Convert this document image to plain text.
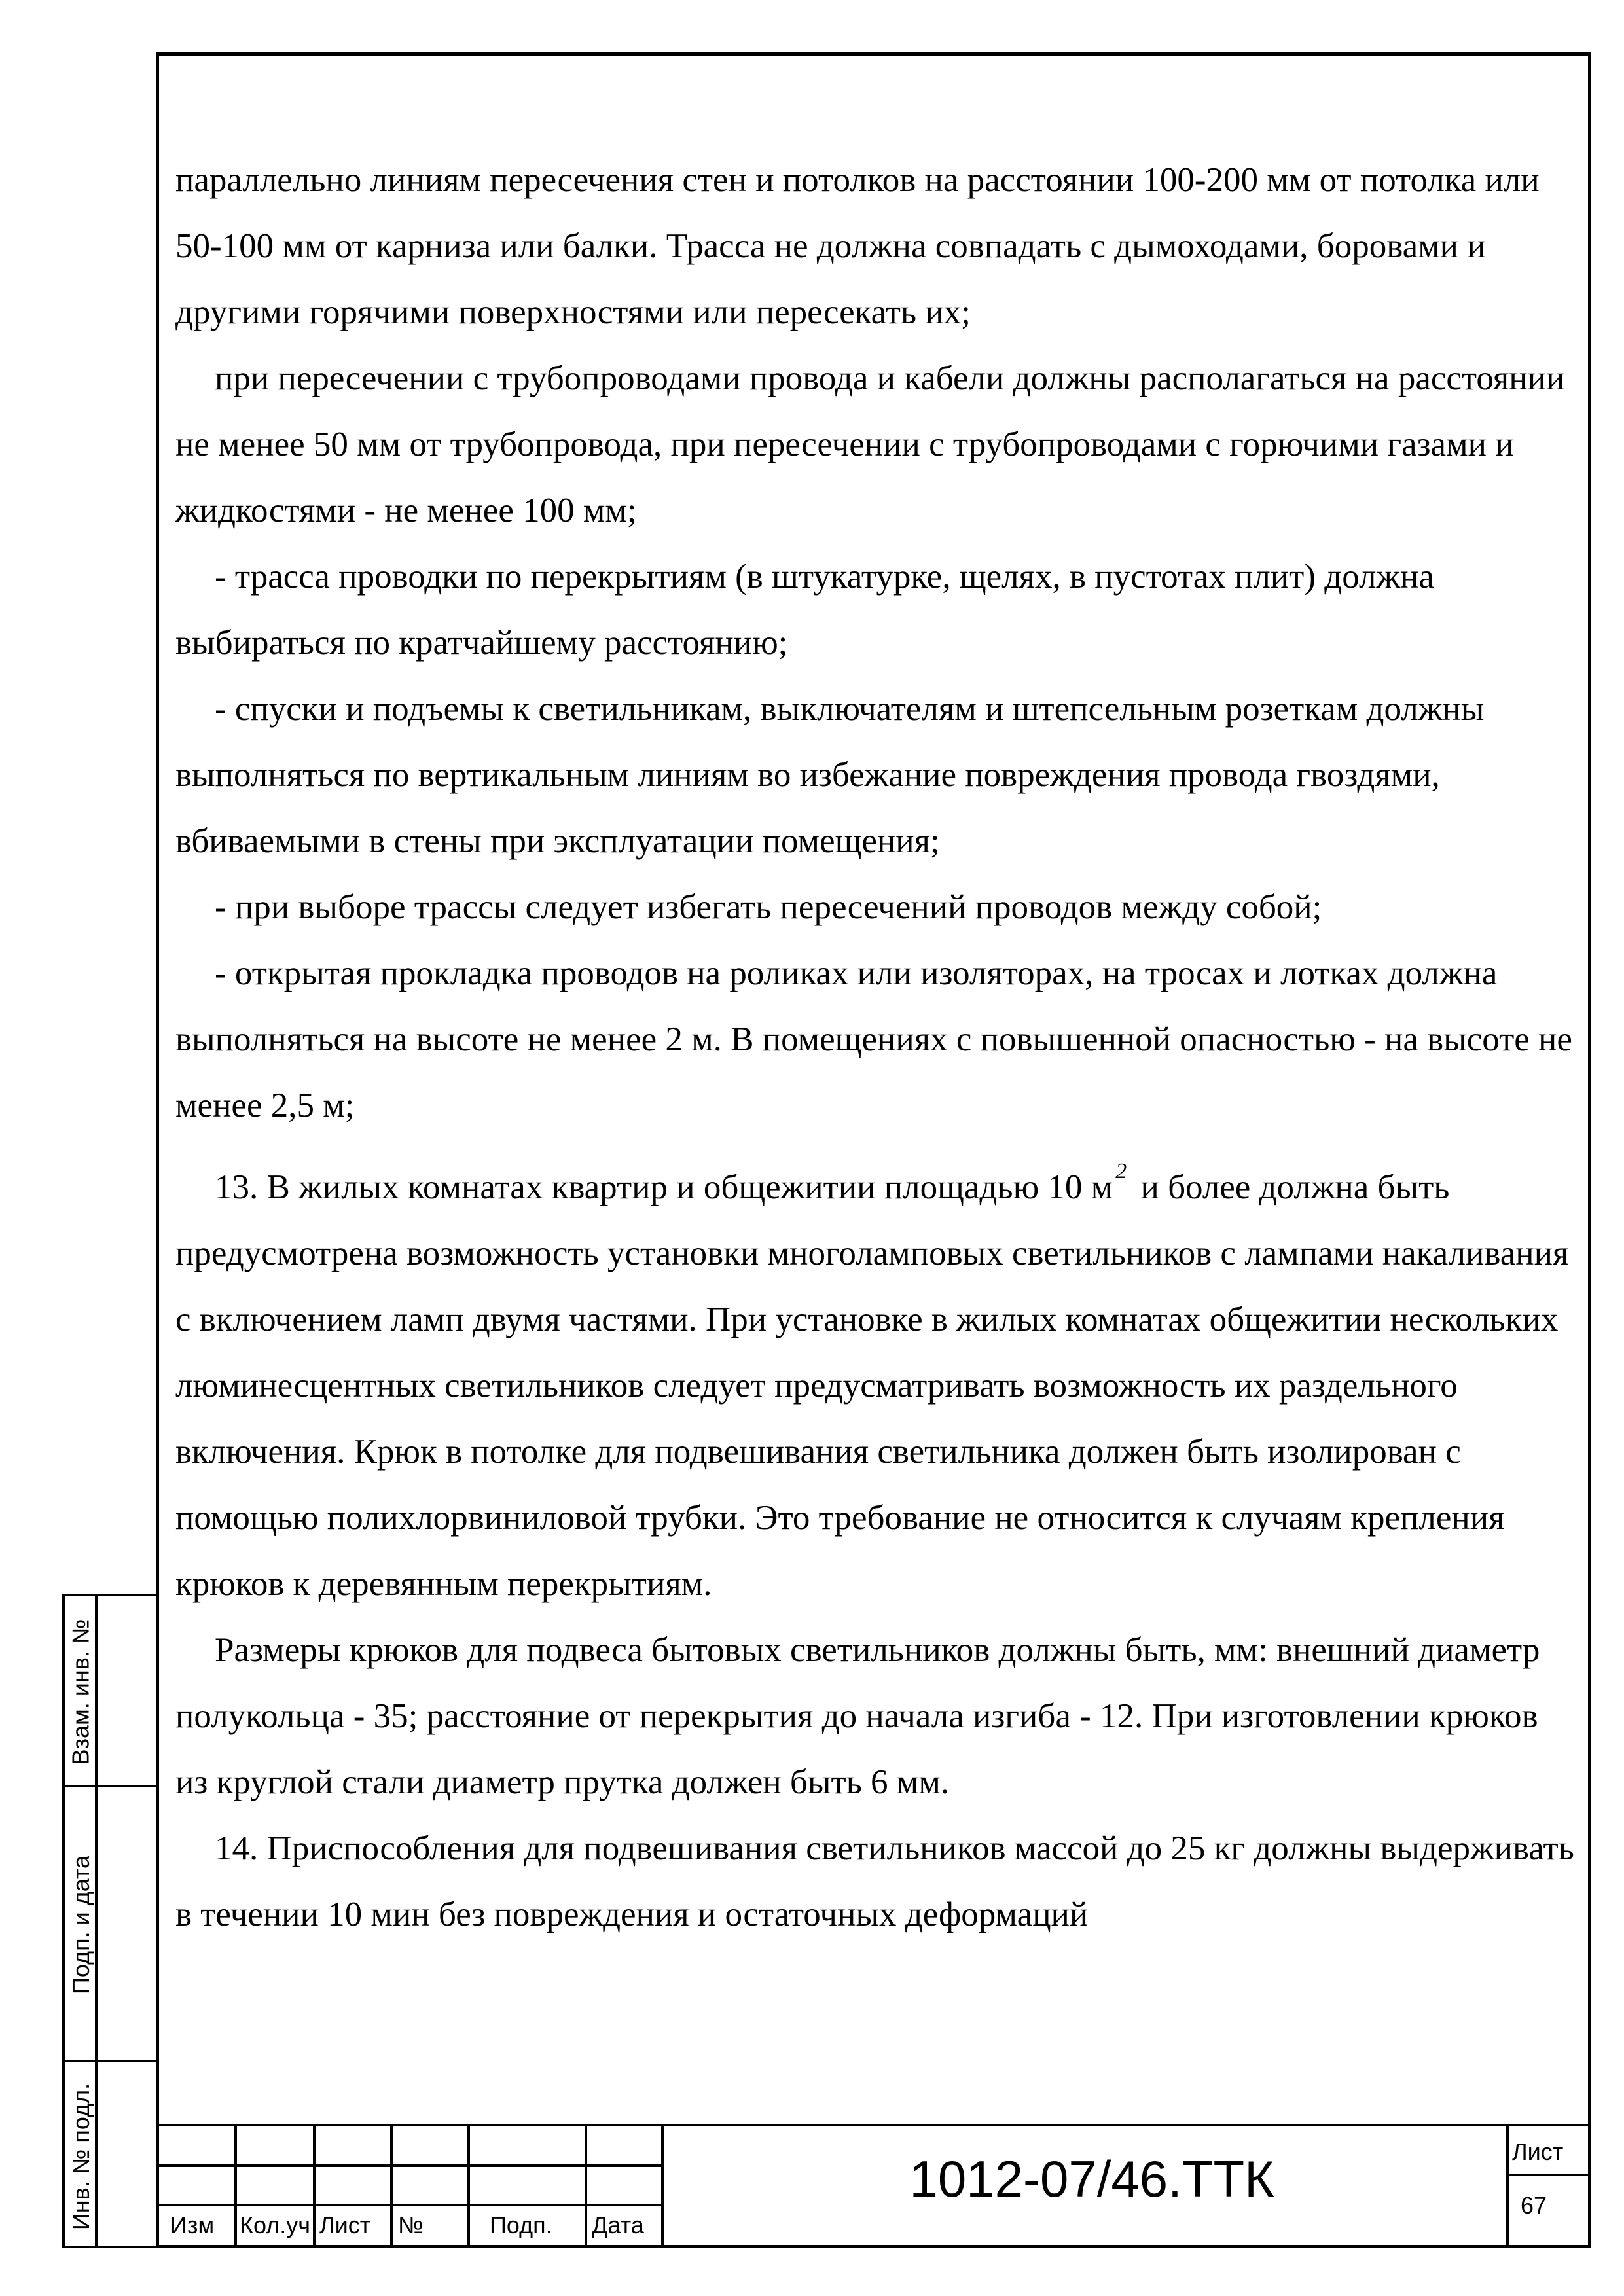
параллельно линиям пересечения стен и потолков на расстоянии 100-200 мм от потолка или 50-100 мм от карниза или балки. Трасса не должна совпадать с дымоходами, боровами и другими горячими поверхностями или пересекать их;

при пересечении с трубопроводами провода и кабели должны располагаться на расстоянии не менее 50 мм от трубопровода, при пересечении с трубопроводами с горючими газами и жидкостями - не менее 100 мм;

- трасса проводки по перекрытиям (в штукатурке, щелях, в пустотах плит) должна выбираться по кратчайшему расстоянию;

- спуски и подъемы к светильникам, выключателям и штепсельным розеткам должны выполняться по вертикальным линиям во избежание повреждения провода гвоздями, вбиваемыми в стены при эксплуатации помещения;

- при выборе трассы следует избегать пересечений проводов между собой;

- открытая прокладка проводов на роликах или изоляторах, на тросах и лотках должна выполняться на высоте не менее 2 м. В помещениях с повышенной опасностью - на высоте не менее 2,5 м;

13. В жилых комнатах квартир и общежитии площадью 10 м $^2$ и более должна быть предусмотрена возможность установки многоламповых светильников с лампами накаливания с включением ламп двумя частями. При установке в жилых комнатах общежитии нескольких люминесцентных светильников следует предусматривать возможность их раздельного включения. Крюк в потолке для подвешивания светильника должен быть изолирован с помощью полихлорвиниловой трубки. Это требование не относится к случаям крепления крюков к деревянным перекрытиям.

Размеры крюков для подвеса бытовых светильников должны быть, мм: внешний диаметр полукольца - 35; расстояние от перекрытия до начала изгиба - 12. При изготовлении крюков из круглой стали диаметр прутка должен быть 6 мм.

14. Приспособления для подвешивания светильников массой до 25 кг должны выдерживать в течении 10 мин без повреждения и остаточных деформаций

Взам. инв. №
Подп. и дата
Инв. № подл.	Изм Кол.уч Лист №	Подп. Дата
1012-07/46.ТТК	Лист
67
